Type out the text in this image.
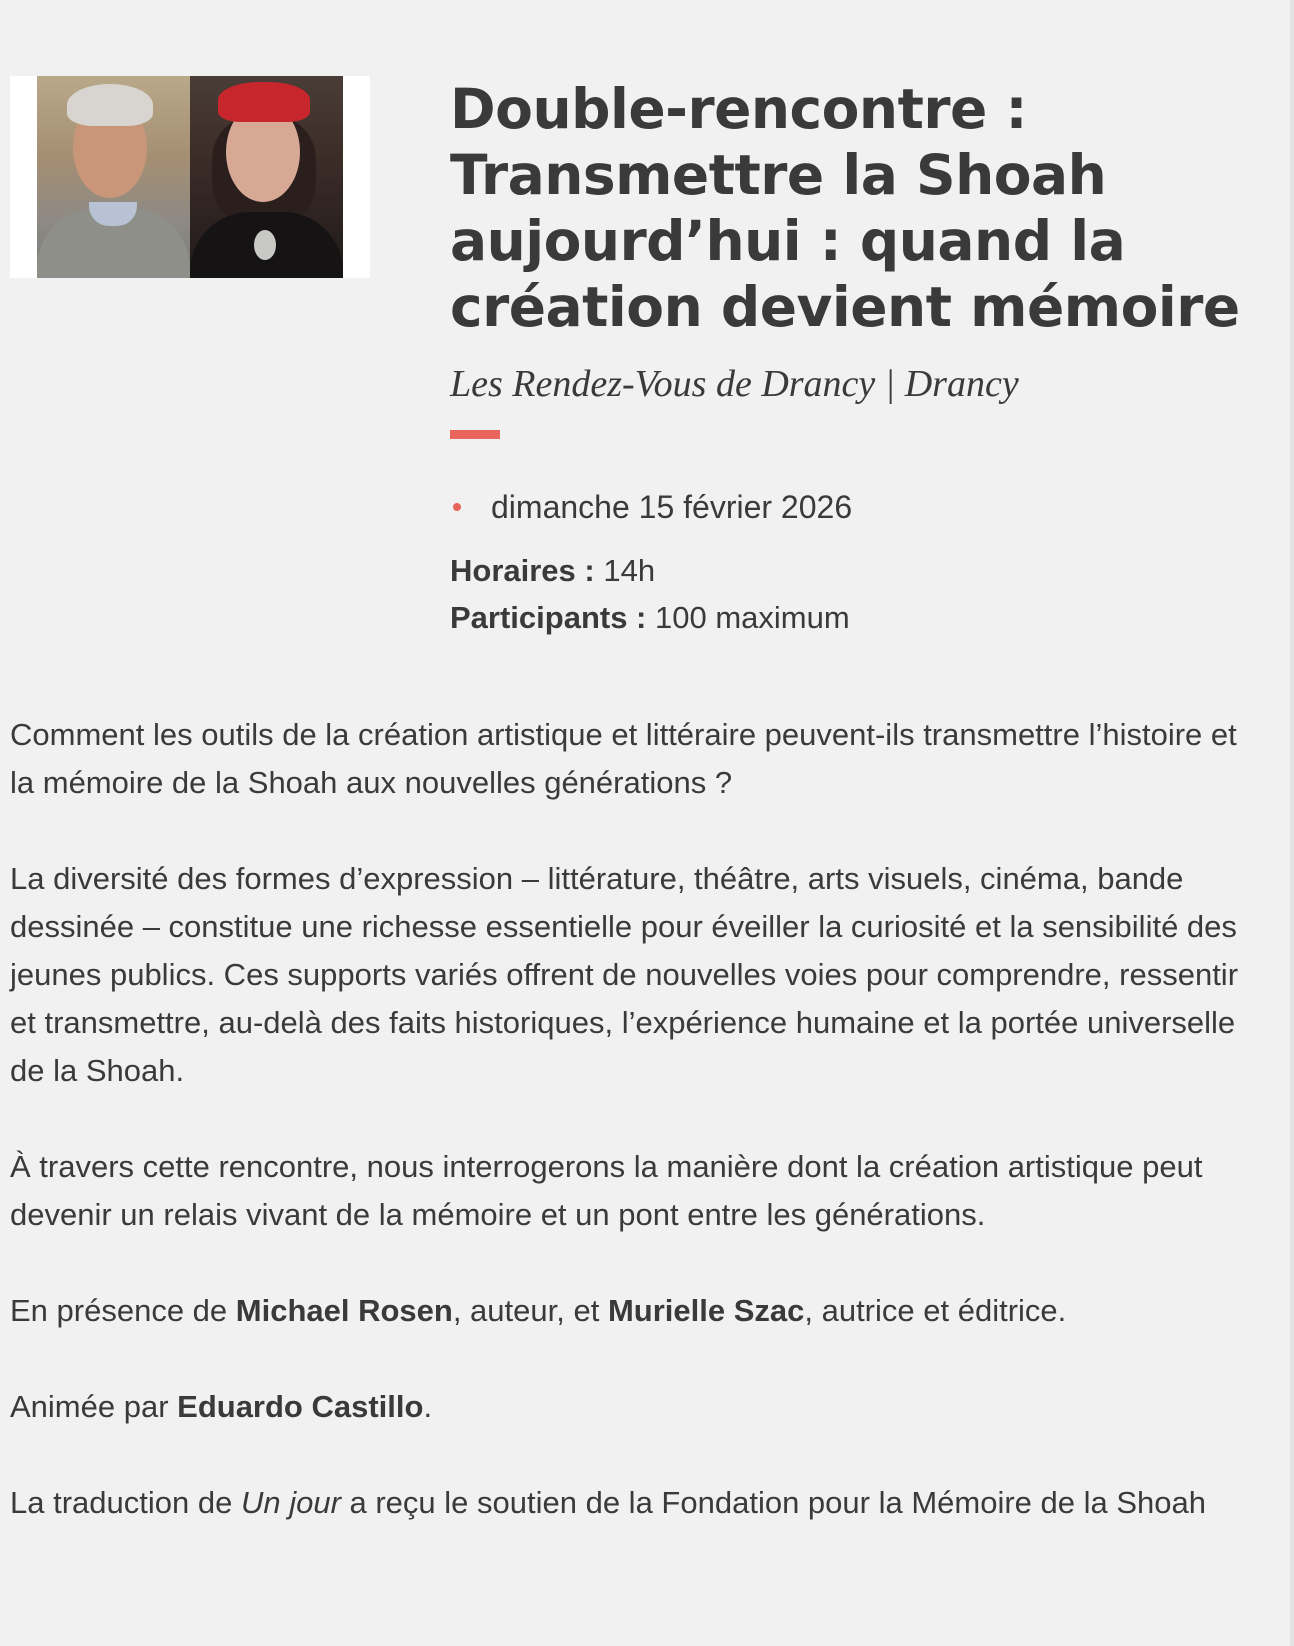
Double-rencontre : Transmettre la Shoah aujourd’hui : quand la création devient mémoire
Les Rendez-Vous de Drancy | Drancy
dimanche 15 février 2026
Horaires : 14h
Participants : 100 maximum

Comment les outils de la création artistique et littéraire peuvent-ils transmettre l’histoire et la mémoire de la Shoah aux nouvelles générations ?

La diversité des formes d’expression – littérature, théâtre, arts visuels, cinéma, bande dessinée – constitue une richesse essentielle pour éveiller la curiosité et la sensibilité des jeunes publics. Ces supports variés offrent de nouvelles voies pour comprendre, ressentir et transmettre, au-delà des faits historiques, l’expérience humaine et la portée universelle de la Shoah.

À travers cette rencontre, nous interrogerons la manière dont la création artistique peut devenir un relais vivant de la mémoire et un pont entre les générations.

En présence de Michael Rosen, auteur, et Murielle Szac, autrice et éditrice.

Animée par Eduardo Castillo.

La traduction de Un jour a reçu le soutien de la Fondation pour la Mémoire de la Shoah
